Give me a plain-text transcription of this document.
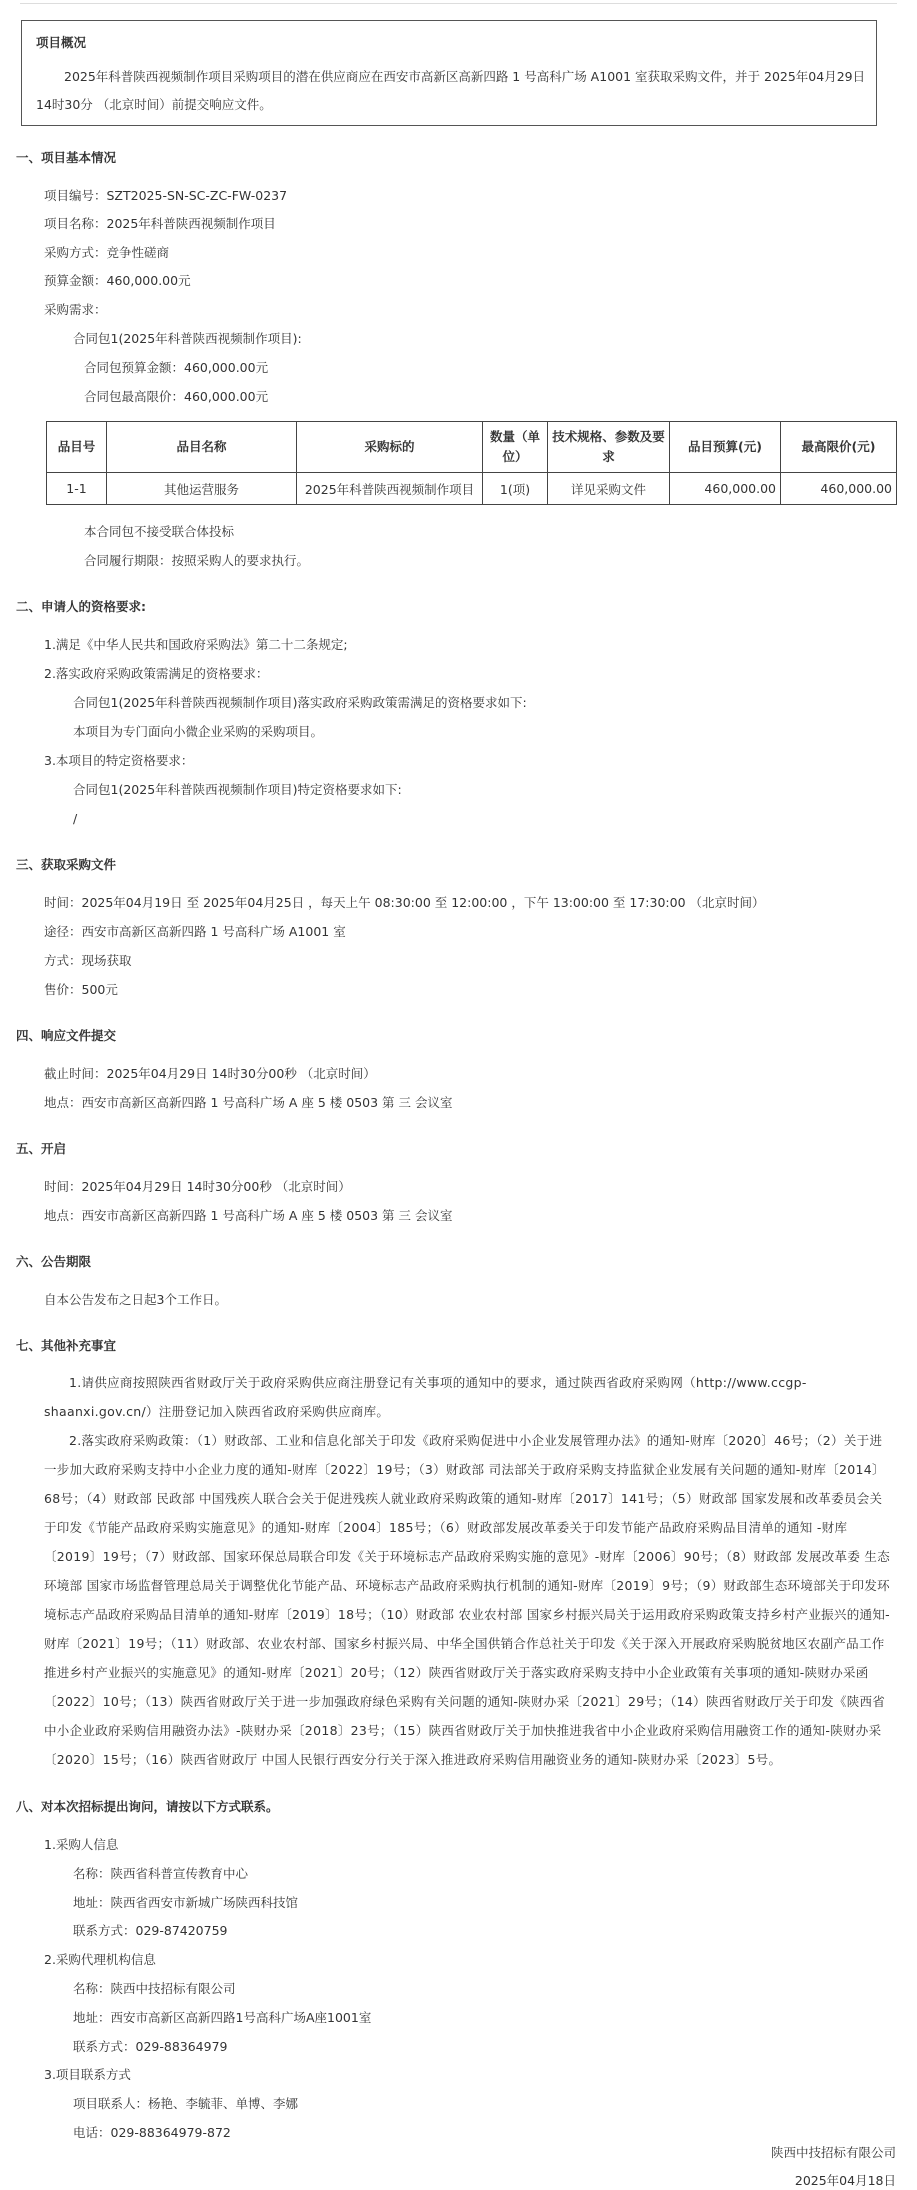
项目概况
2025年科普陕西视频制作项目采购项目的潜在供应商应在西安市高新区高新四路 1 号高科广场 A1001 室获取采购文件，并于 2025年04月29日 14时30分 （北京时间）前提交响应文件。
一、项目基本情况
项目编号：SZT2025-SN-SC-ZC-FW-0237
项目名称：2025年科普陕西视频制作项目
采购方式：竞争性磋商
预算金额：460,000.00元
采购需求：
合同包1(2025年科普陕西视频制作项目):
合同包预算金额：460,000.00元
合同包最高限价：460,000.00元
品目号	品目名称	采购标的	数量（单位）	技术规格、参数及要求	品目预算(元)	最高限价(元)
1-1	其他运营服务	2025年科普陕西视频制作项目	1(项)	详见采购文件	460,000.00	460,000.00
本合同包不接受联合体投标
合同履行期限：按照采购人的要求执行。
二、申请人的资格要求:
1.满足《中华人民共和国政府采购法》第二十二条规定;
2.落实政府采购政策需满足的资格要求：
合同包1(2025年科普陕西视频制作项目)落实政府采购政策需满足的资格要求如下:
本项目为专门面向小微企业采购的采购项目。
3.本项目的特定资格要求：
合同包1(2025年科普陕西视频制作项目)特定资格要求如下:
/
三、获取采购文件
时间：2025年04月19日 至 2025年04月25日 ，每天上午 08:30:00 至 12:00:00 ，下午 13:00:00 至 17:30:00 （北京时间）
途径：西安市高新区高新四路 1 号高科广场 A1001 室
方式：现场获取
售价：500元
四、响应文件提交
截止时间：2025年04月29日 14时30分00秒 （北京时间）
地点：西安市高新区高新四路 1 号高科广场 A 座 5 楼 0503 第 三 会议室
五、开启
时间：2025年04月29日 14时30分00秒 （北京时间）
地点：西安市高新区高新四路 1 号高科广场 A 座 5 楼 0503 第 三 会议室
六、公告期限
自本公告发布之日起3个工作日。
七、其他补充事宜
1.请供应商按照陕西省财政厅关于政府采购供应商注册登记有关事项的通知中的要求，通过陕西省政府采购网（http://www.ccgp-shaanxi.gov.cn/）注册登记加入陕西省政府采购供应商库。
2.落实政府采购政策：（1）财政部、工业和信息化部关于印发《政府采购促进中小企业发展管理办法》的通知-财库〔2020〕46号；（2）关于进一步加大政府采购支持中小企业力度的通知-财库〔2022〕19号；（3）财政部 司法部关于政府采购支持监狱企业发展有关问题的通知-财库〔2014〕68号；（4）财政部 民政部 中国残疾人联合会关于促进残疾人就业政府采购政策的通知-财库〔2017〕141号；（5）财政部 国家发展和改革委员会关于印发《节能产品政府采购实施意见》的通知-财库〔2004〕185号；（6）财政部发展改革委关于印发节能产品政府采购品目清单的通知 -财库〔2019〕19号；（7）财政部、国家环保总局联合印发《关于环境标志产品政府采购实施的意见》-财库〔2006〕90号；（8）财政部 发展改革委 生态环境部 国家市场监督管理总局关于调整优化节能产品、环境标志产品政府采购执行机制的通知-财库〔2019〕9号；（9）财政部生态环境部关于印发环境标志产品政府采购品目清单的通知-财库〔2019〕18号；（10）财政部 农业农村部 国家乡村振兴局关于运用政府采购政策支持乡村产业振兴的通知-财库〔2021〕19号；（11）财政部、农业农村部、国家乡村振兴局、中华全国供销合作总社关于印发《关于深入开展政府采购脱贫地区农副产品工作推进乡村产业振兴的实施意见》的通知-财库〔2021〕20号；（12）陕西省财政厅关于落实政府采购支持中小企业政策有关事项的通知-陕财办采函〔2022〕10号；（13）陕西省财政厅关于进一步加强政府绿色采购有关问题的通知-陕财办采〔2021〕29号；（14）陕西省财政厅关于印发《陕西省中小企业政府采购信用融资办法》-陕财办采〔2018〕23号；（15）陕西省财政厅关于加快推进我省中小企业政府采购信用融资工作的通知-陕财办采〔2020〕15号；（16）陕西省财政厅 中国人民银行西安分行关于深入推进政府采购信用融资业务的通知-陕财办采〔2023〕5号。
八、对本次招标提出询问，请按以下方式联系。
1.采购人信息
名称：陕西省科普宣传教育中心
地址：陕西省西安市新城广场陕西科技馆
联系方式：029-87420759
2.采购代理机构信息
名称：陕西中技招标有限公司
地址：西安市高新区高新四路1号高科广场A座1001室
联系方式：029-88364979
3.项目联系方式
项目联系人：杨艳、李毓菲、单博、李娜
电话：029-88364979-872
陕西中技招标有限公司
2025年04月18日
